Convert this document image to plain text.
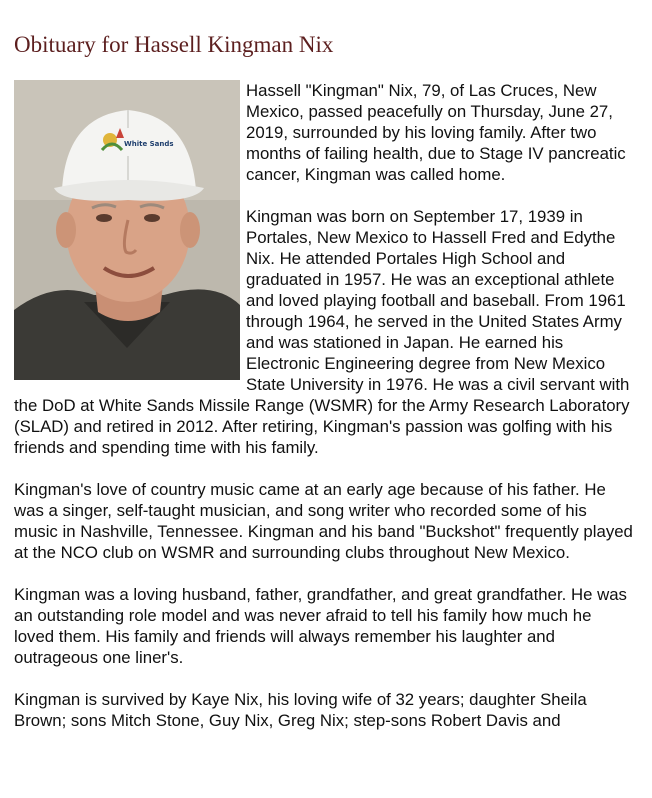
Obituary for Hassell Kingman Nix
White Sands

Hassell "Kingman" Nix, 79, of Las Cruces, New Mexico, passed peacefully on Thursday, June 27, 2019, surrounded by his loving family. After two months of failing health, due to Stage IV pancreatic cancer, Kingman was called home.

Kingman was born on September 17, 1939 in Portales, New Mexico to Hassell Fred and Edythe Nix. He attended Portales High School and graduated in 1957. He was an exceptional athlete and loved playing football and baseball. From 1961 through 1964, he served in the United States Army and was stationed in Japan. He earned his Electronic Engineering degree from New Mexico State University in 1976. He was a civil servant with the DoD at White Sands Missile Range (WSMR) for the Army Research Laboratory (SLAD) and retired in 2012. After retiring, Kingman's passion was golfing with his friends and spending time with his family.

Kingman's love of country music came at an early age because of his father. He was a singer, self-taught musician, and song writer who recorded some of his music in Nashville, Tennessee. Kingman and his band "Buckshot" frequently played at the NCO club on WSMR and surrounding clubs throughout New Mexico.

Kingman was a loving husband, father, grandfather, and great grandfather. He was an outstanding role model and was never afraid to tell his family how much he loved them. His family and friends will always remember his laughter and outrageous one liner's.

Kingman is survived by Kaye Nix, his loving wife of 32 years; daughter Sheila Brown; sons Mitch Stone, Guy Nix, Greg Nix; step-sons Robert Davis and
